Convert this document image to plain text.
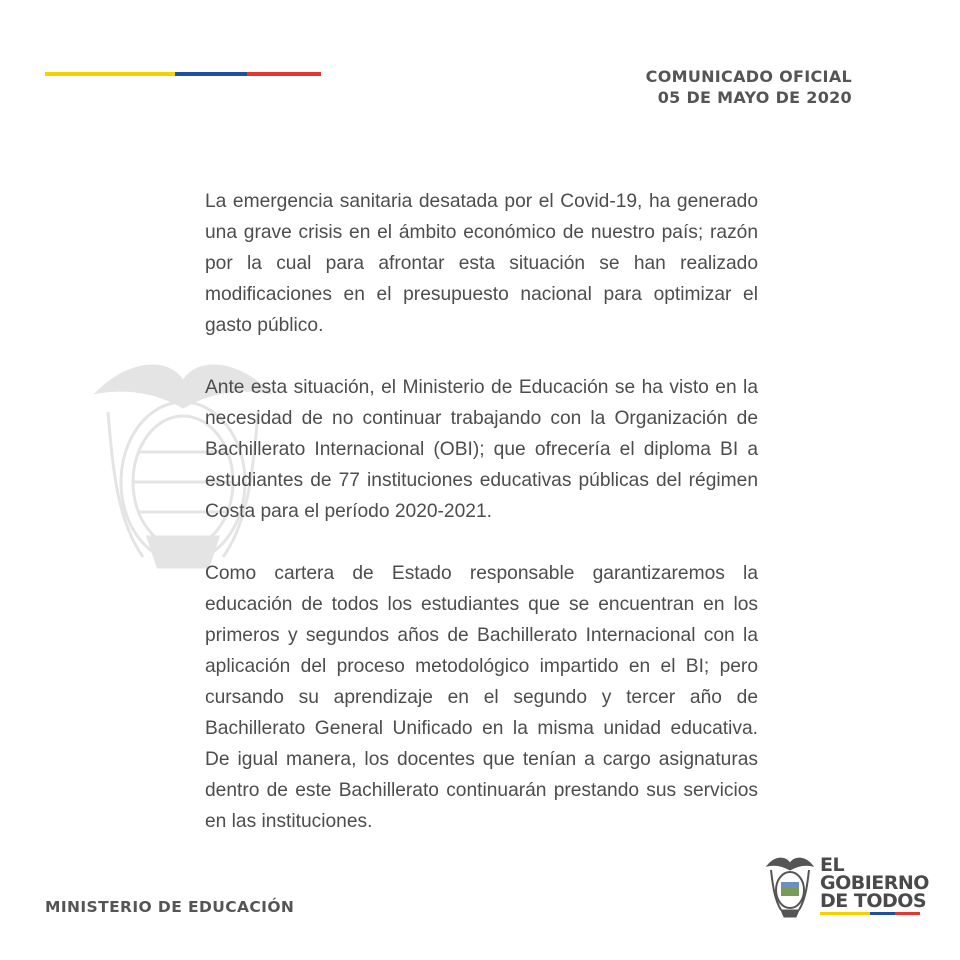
COMUNICADO OFICIAL
05 DE MAYO DE 2020

La emergencia sanitaria desatada por el Covid-19, ha generado una grave crisis en el ámbito económico de nuestro país; razón por la cual para afrontar esta situación se han realizado modificaciones en el presupuesto nacional para optimizar el gasto público.

Ante esta situación, el Ministerio de Educación se ha visto en la necesidad de no continuar trabajando con la Organización de Bachillerato Internacional (OBI); que ofrecería el diploma BI a estudiantes de 77 instituciones educativas públicas del régimen Costa para el período 2020-2021.

Como cartera de Estado responsable garantizaremos la educación de todos los estudiantes que se encuentran en los primeros y segundos años de Bachillerato Internacional con la aplicación del proceso metodológico impartido en el BI; pero cursando su aprendizaje en el segundo y tercer año de Bachillerato General Unificado en la misma unidad educativa. De igual manera, los docentes que tenían a cargo asignaturas dentro de este Bachillerato continuarán prestando sus servicios en las instituciones.

MINISTERIO DE EDUCACIÓN
EL
GOBIERNO
DE TODOS
